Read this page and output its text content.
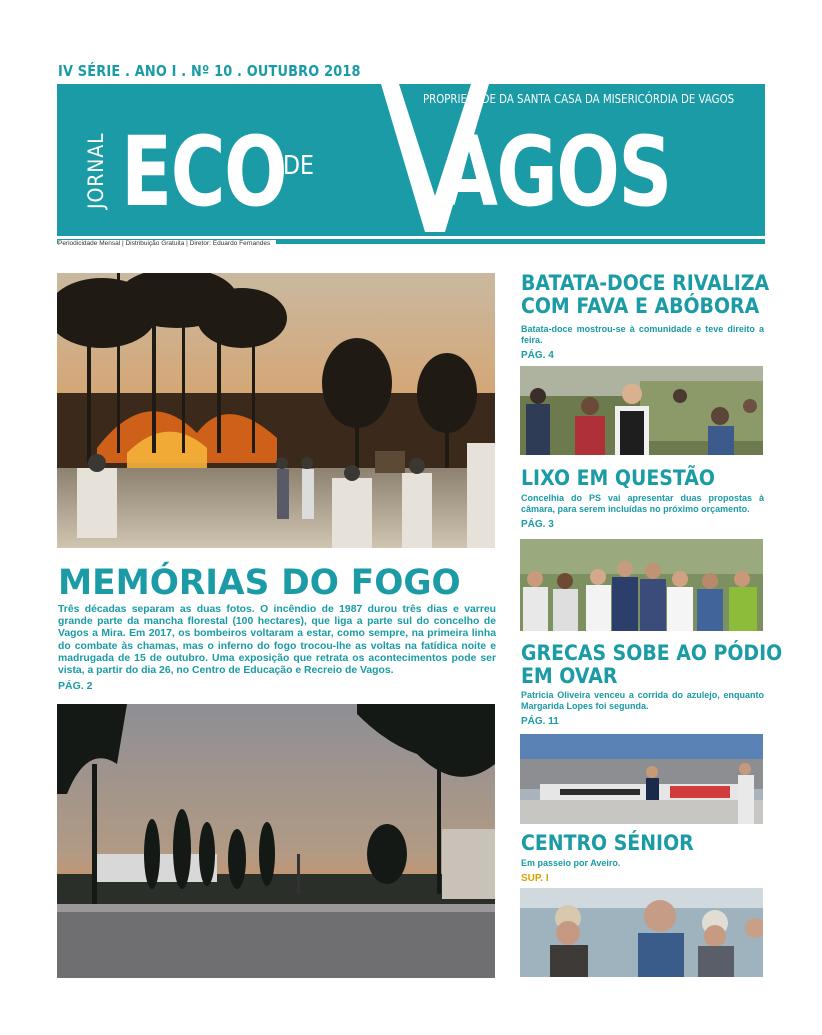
IV SÉRIE . ANO I . Nº 10 . OUTUBRO 2018
JORNAL ECO
DE AGOS
PROPRIEDADE DA SANTA CASA DA MISERICÓRDIA DE VAGOS
Periodicidade Mensal | Distribuição Gratuita | Diretor: Eduardo Fernandes
MEMÓRIAS DO FOGO
Três décadas separam as duas fotos. O incêndio de 1987 durou três dias e varreu grande parte da mancha florestal (100 hectares), que liga a parte sul do concelho de Vagos a Mira. Em 2017, os bombeiros voltaram a estar, como sempre, na primeira linha do combate às chamas, mas o inferno do fogo trocou-lhe as voltas na fatídica noite e madrugada de 15 de outubro. Uma exposição que retrata os acontecimentos pode ser vista, a partir do dia 26, no Centro de Educação e Recreio de Vagos.
PÁG. 2
BATATA-DOCE RIVALIZA
COM FAVA E ABÓBORA
Batata-doce mostrou-se à comunidade e teve direito a feira.
PÁG. 4
LIXO EM QUESTÃO
Concelhia do PS vai apresentar duas propostas à câmara, para serem incluídas no próximo orçamento.
PÁG. 3
GRECAS SOBE AO PÓDIO
EM OVAR
Patricia Oliveira venceu a corrida do azulejo, enquanto Margarida Lopes foi segunda.
PÁG. 11
CENTRO SÉNIOR
Em passeio por Aveiro.
SUP. I
